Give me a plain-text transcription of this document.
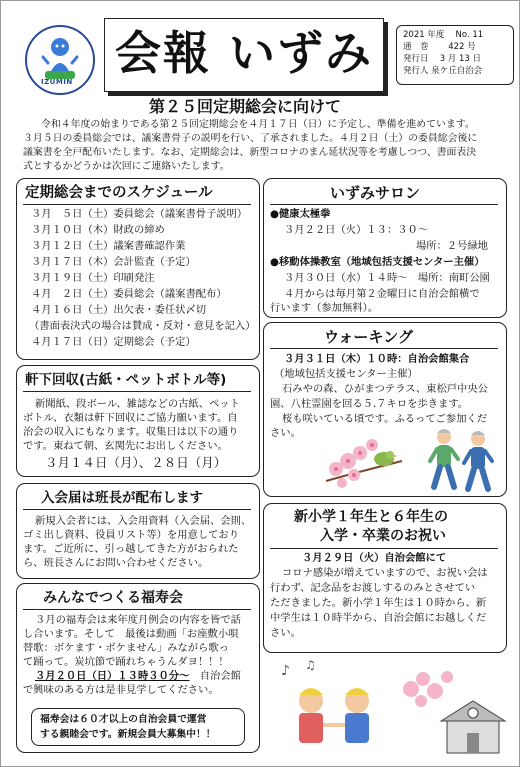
IZUMIN
会報 いずみ	2021 年度　 No. 11
通　巻　　 422 号
発行日　 3 月 13 日
発行人 泉ケ丘自治会
第２５回定期総会に向けて
令和４年度の始まりである第２５回定期総会を４月１７日（日）に予定し、準備を進めています。
３月５日の委員総会では、議案書骨子の説明を行い、了承されました。４月２日（土）の委員総会後に
議案書を全戸配布いたします。なお、定期総会は、新型コロナのまん延状況等を考慮しつつ、書面表決
式とするかどうかは次回にご連絡いたします。
定期総会までのスケジュール
３月　５日（土）委員総会（議案書骨子説明）
３月１０日（木）財政の締め
３月１２日（土）議案書確認作業
３月１７日（木）会計監査（予定）
３月１９日（土）印刷発注
４月　２日（土）委員総会（議案書配布）
４月１６日（土）出欠表・委任状〆切
（書面表決式の場合は賛成・反対・意見を記入）
４月１７日（日）定期総会（予定）
いずみサロン
●健康太極拳
３月２２日（火）１３：３０～
場所：２号緑地
●移動体操教室（地域包括支援センター主催）
３月３０日（水）１４時～　場所：南町公園
４月からは毎月第２金曜日に自治会館横で
行います（参加無料）。
軒下回収(古紙・ペットボトル等)
新聞紙、段ボール、雑誌などの古紙、ペット
ボトル、衣類は軒下回収にご協力願います。自
治会の収入にもなります。収集日は以下の通り
です。東ねて朝、玄関先にお出しください。
３月１４日（月）、２８日（月）
ウォーキング
３月３１日（木）１０時：自治会館集合
（地域包括支援センター主催）
石みやの森、ひがまつテラス、東松戸中央公
園、八柱霊園を回る５.７キロを歩きます。
桜も咲いている頃です。ふるってご参加くだ
さい。
入会届は班長が配布します
新規入会者には、入会用資料（入会届、会則、
ゴミ出し資料、役員リスト等）を用意しており
ます。ご近所に、引っ越してきた方がおられた
ら、班長さんにお問い合わせください。
新小学１年生と６年生の
入学・卒業のお祝い
３月２９日（火）自治会館にて
コロナ感染が増えていますので、お祝い会は
行わず、記念品をお渡しするのみとさせてい
ただきました。新小学１年生は１０時から、新
中学生は１０時半から、自治会館にお越しくだ
さい。
みんなでつくる福寿会
３月の福寿会は来年度月例会の内容を皆で話
し合います。そして　最後は動画「お座敷小唄
替歌：ボケます・ボケません」みながら歌っ
て踊って。炭坑節で踊れちゃうんダヨ！！！
３月２０日（日）１３時３０分～　自治会館
で興味のある方は是非見学してください。
福寿会は６０才以上の自治会員で運営
する親睦会です。新規会員大募集中！！
♪ ♫
